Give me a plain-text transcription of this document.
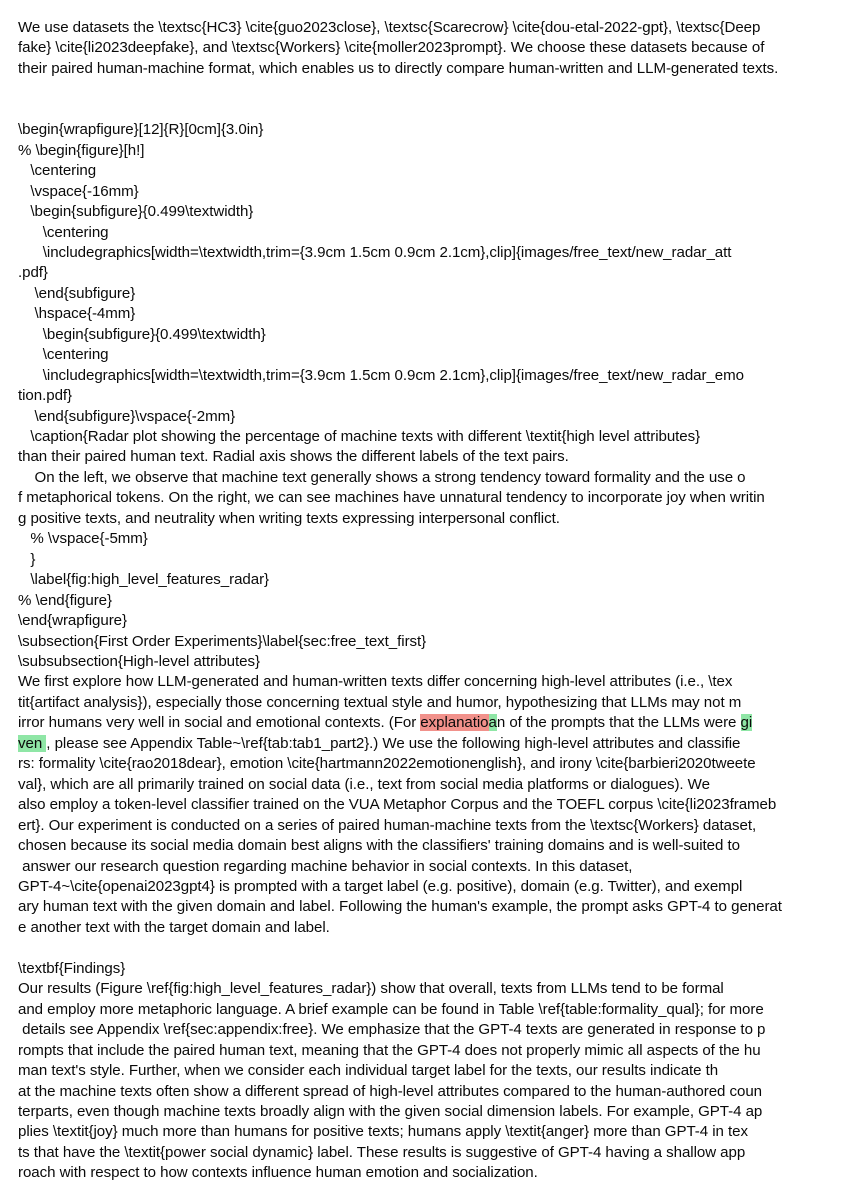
We use datasets the \textsc{HC3} \cite{guo2023close}, \textsc{Scarecrow} \cite{dou-etal-2022-gpt}, \textsc{Deep
fake} \cite{li2023deepfake}, and \textsc{Workers} \cite{moller2023prompt}. We choose these datasets because of
their paired human-machine format, which enables us to directly compare human-written and LLM-generated texts.

\begin{wrapfigure}[12]{R}[0cm]{3.0in}
% \begin{figure}[h!]
\centering
\vspace{-16mm}
\begin{subfigure}{0.499\textwidth}
\centering
\includegraphics[width=\textwidth,trim={3.9cm 1.5cm 0.9cm 2.1cm},clip]{images/free_text/new_radar_att
.pdf}
\end{subfigure}
\hspace{-4mm}
\begin{subfigure}{0.499\textwidth}
\centering
\includegraphics[width=\textwidth,trim={3.9cm 1.5cm 0.9cm 2.1cm},clip]{images/free_text/new_radar_emo
tion.pdf}
\end{subfigure}\vspace{-2mm}
\caption{Radar plot showing the percentage of machine texts with different \textit{high level attributes}
than their paired human text. Radial axis shows the different labels of the text pairs.
On the left, we observe that machine text generally shows a strong tendency toward formality and the use o
f metaphorical tokens. On the right, we can see machines have unnatural tendency to incorporate joy when writin
g positive texts, and neutrality when writing texts expressing interpersonal conflict.
% \vspace{-5mm}
}
\label{fig:high_level_features_radar}
% \end{figure}
\end{wrapfigure}
\subsection{First Order Experiments}\label{sec:free_text_first}
\subsubsection{High-level attributes}
We first explore how LLM-generated and human-written texts differ concerning high-level attributes (i.e., \tex
tit{artifact analysis}), especially those concerning textual style and humor, hypothesizing that LLMs may not m
irror humans very well in social and emotional contexts. (For explanatioan of the prompts that the LLMs were gi
ven , please see Appendix Table~\ref{tab:tab1_part2}.) We use the following high-level attributes and classifie
rs: formality \cite{rao2018dear}, emotion \cite{hartmann2022emotionenglish}, and irony \cite{barbieri2020tweete
val}, which are all primarily trained on social data (i.e., text from social media platforms or dialogues). We
also employ a token-level classifier trained on the VUA Metaphor Corpus and the TOEFL corpus \cite{li2023frameb
ert}. Our experiment is conducted on a series of paired human-machine texts from the \textsc{Workers} dataset,
chosen because its social media domain best aligns with the classifiers' training domains and is well-suited to
answer our research question regarding machine behavior in social contexts. In this dataset,
GPT-4~\cite{openai2023gpt4} is prompted with a target label (e.g. positive), domain (e.g. Twitter), and exempl
ary human text with the given domain and label. Following the human's example, the prompt asks GPT-4 to generat
e another text with the target domain and label.

\textbf{Findings}
Our results (Figure \ref{fig:high_level_features_radar}) show that overall, texts from LLMs tend to be formal
and employ more metaphoric language. A brief example can be found in Table \ref{table:formality_qual}; for more
details see Appendix \ref{sec:appendix:free}. We emphasize that the GPT-4 texts are generated in response to p
rompts that include the paired human text, meaning that the GPT-4 does not properly mimic all aspects of the hu
man text's style. Further, when we consider each individual target label for the texts, our results indicate th
at the machine texts often show a different spread of high-level attributes compared to the human-authored coun
terparts, even though machine texts broadly align with the given social dimension labels. For example, GPT-4 ap
plies \textit{joy} much more than humans for positive texts; humans apply \textit{anger} more than GPT-4 in tex
ts that have the \textit{power social dynamic} label. These results is suggestive of GPT-4 having a shallow app
roach with respect to how contexts influence human emotion and socialization.
